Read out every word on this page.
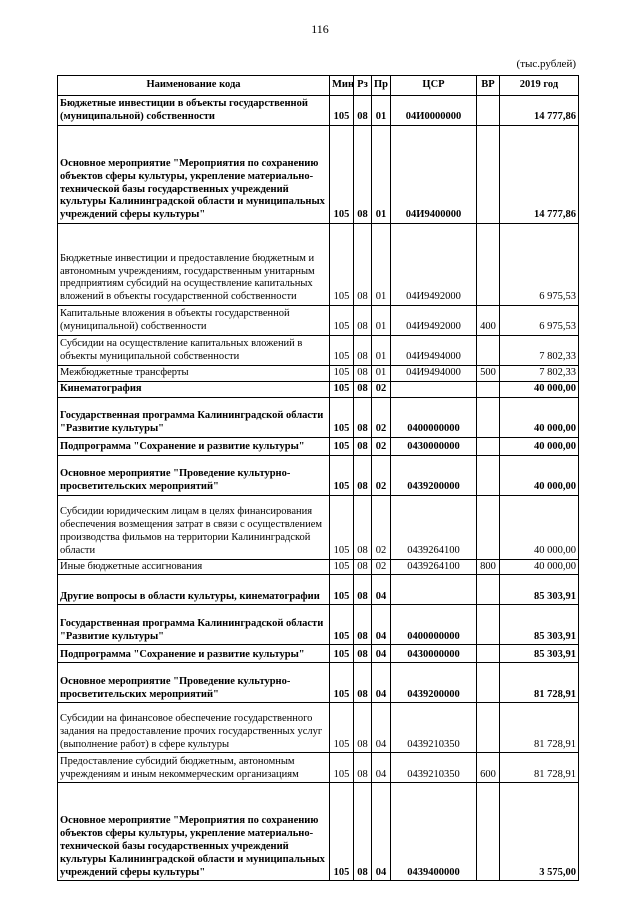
116
(тыс.рублей)
Наименование кода	Мин	Рз	Пр	ЦСР	ВР	2019 год
Бюджетные инвестиции в объекты государственной (муниципальной) собственности	105	08	01	04И0000000		14 777,86
Основное мероприятие "Мероприятия по сохранению объектов сферы культуры, укрепление материально-технической базы государственных учреждений культуры Калининградской области и муниципальных учреждений сферы культуры"	105	08	01	04И9400000		14 777,86
Бюджетные инвестиции и предоставление бюджетным и автономным учреждениям, государственным унитарным предприятиям субсидий на осуществление капитальных вложений в объекты государственной собственности	105	08	01	04И9492000		6 975,53
Капитальные вложения в объекты государственной (муниципальной) собственности	105	08	01	04И9492000	400	6 975,53
Субсидии на осуществление капитальных вложений в объекты муниципальной собственности	105	08	01	04И9494000		7 802,33
Межбюджетные трансферты	105	08	01	04И9494000	500	7 802,33
Кинематография	105	08	02			40 000,00
Государственная программа Калининградской области "Развитие культуры"	105	08	02	0400000000		40 000,00
Подпрограмма "Сохранение и развитие культуры"	105	08	02	0430000000		40 000,00
Основное мероприятие "Проведение культурно-просветительских мероприятий"	105	08	02	0439200000		40 000,00
Субсидии юридическим лицам в целях финансирования обеспечения возмещения затрат в связи с осуществлением производства фильмов на территории Калининградской области	105	08	02	0439264100		40 000,00
Иные бюджетные ассигнования	105	08	02	0439264100	800	40 000,00
Другие вопросы в области культуры, кинематографии	105	08	04			85 303,91
Государственная программа Калининградской области "Развитие культуры"	105	08	04	0400000000		85 303,91
Подпрограмма "Сохранение и развитие культуры"	105	08	04	0430000000		85 303,91
Основное мероприятие "Проведение культурно-просветительских мероприятий"	105	08	04	0439200000		81 728,91
Субсидии на финансовое обеспечение государственного задания на предоставление прочих государственных услуг (выполнение работ) в сфере культуры	105	08	04	0439210350		81 728,91
Предоставление субсидий бюджетным, автономным учреждениям и иным некоммерческим организациям	105	08	04	0439210350	600	81 728,91
Основное мероприятие "Мероприятия по сохранению объектов сферы культуры, укрепление материально-технической базы государственных учреждений культуры Калининградской области и муниципальных учреждений сферы культуры"	105	08	04	0439400000		3 575,00
